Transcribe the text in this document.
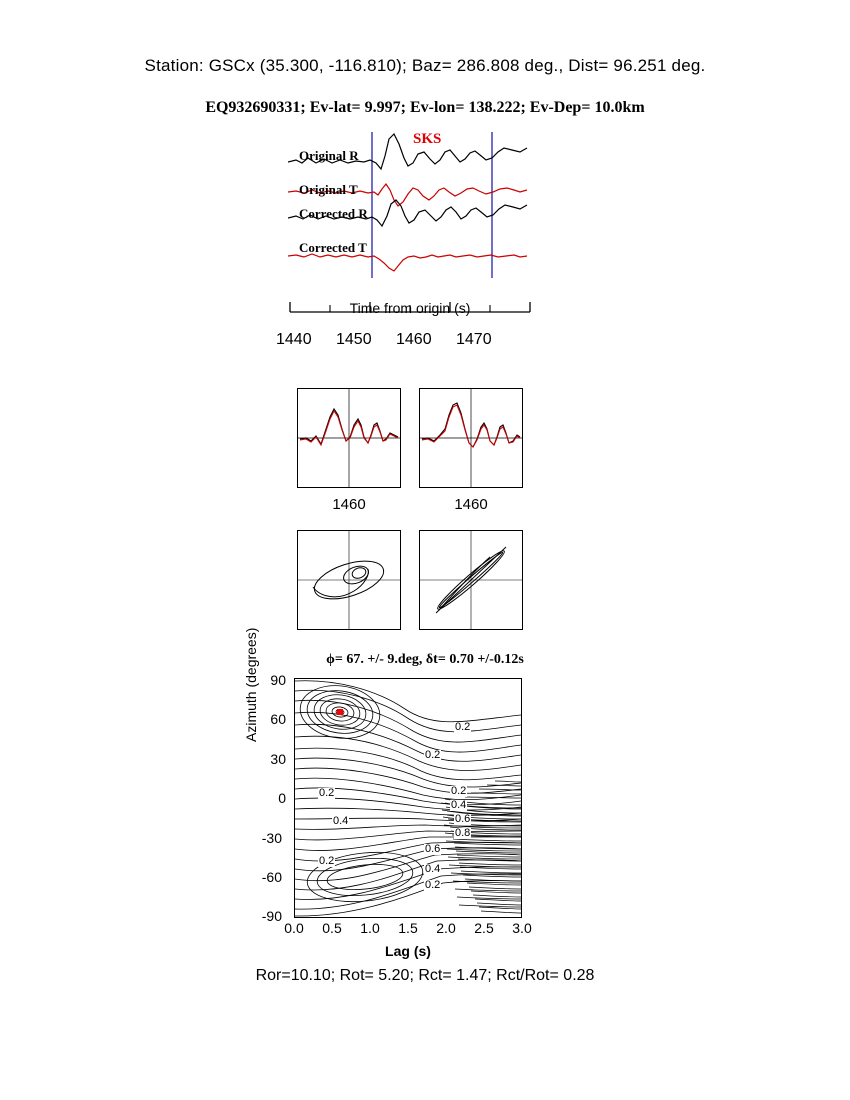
Station: GSCx (35.300, -116.810); Baz= 286.808 deg., Dist= 96.251 deg.
EQ932690331; Ev-lat= 9.997; Ev-lon= 138.222; Ev-Dep= 10.0km
SKS
Original R
Original T
Corrected R
Corrected T
Time from origin (s)
1440 1450 1460 1470
1460	1460
ϕ= 67. +/- 9.deg, δt= 0.70 +/-0.12s
Azimuth (degrees) 90
60
30
0
-30
-60
-90
0.2
0.2
0.2
0.4
0.2
0.4
0.6
0.8
0.6
0.4
0.2
0.2
0.0	0.5	1.0	1.5	2.0	2.5	3.0
Lag (s)
Ror=10.10; Rot= 5.20; Rct= 1.47; Rct/Rot= 0.28
